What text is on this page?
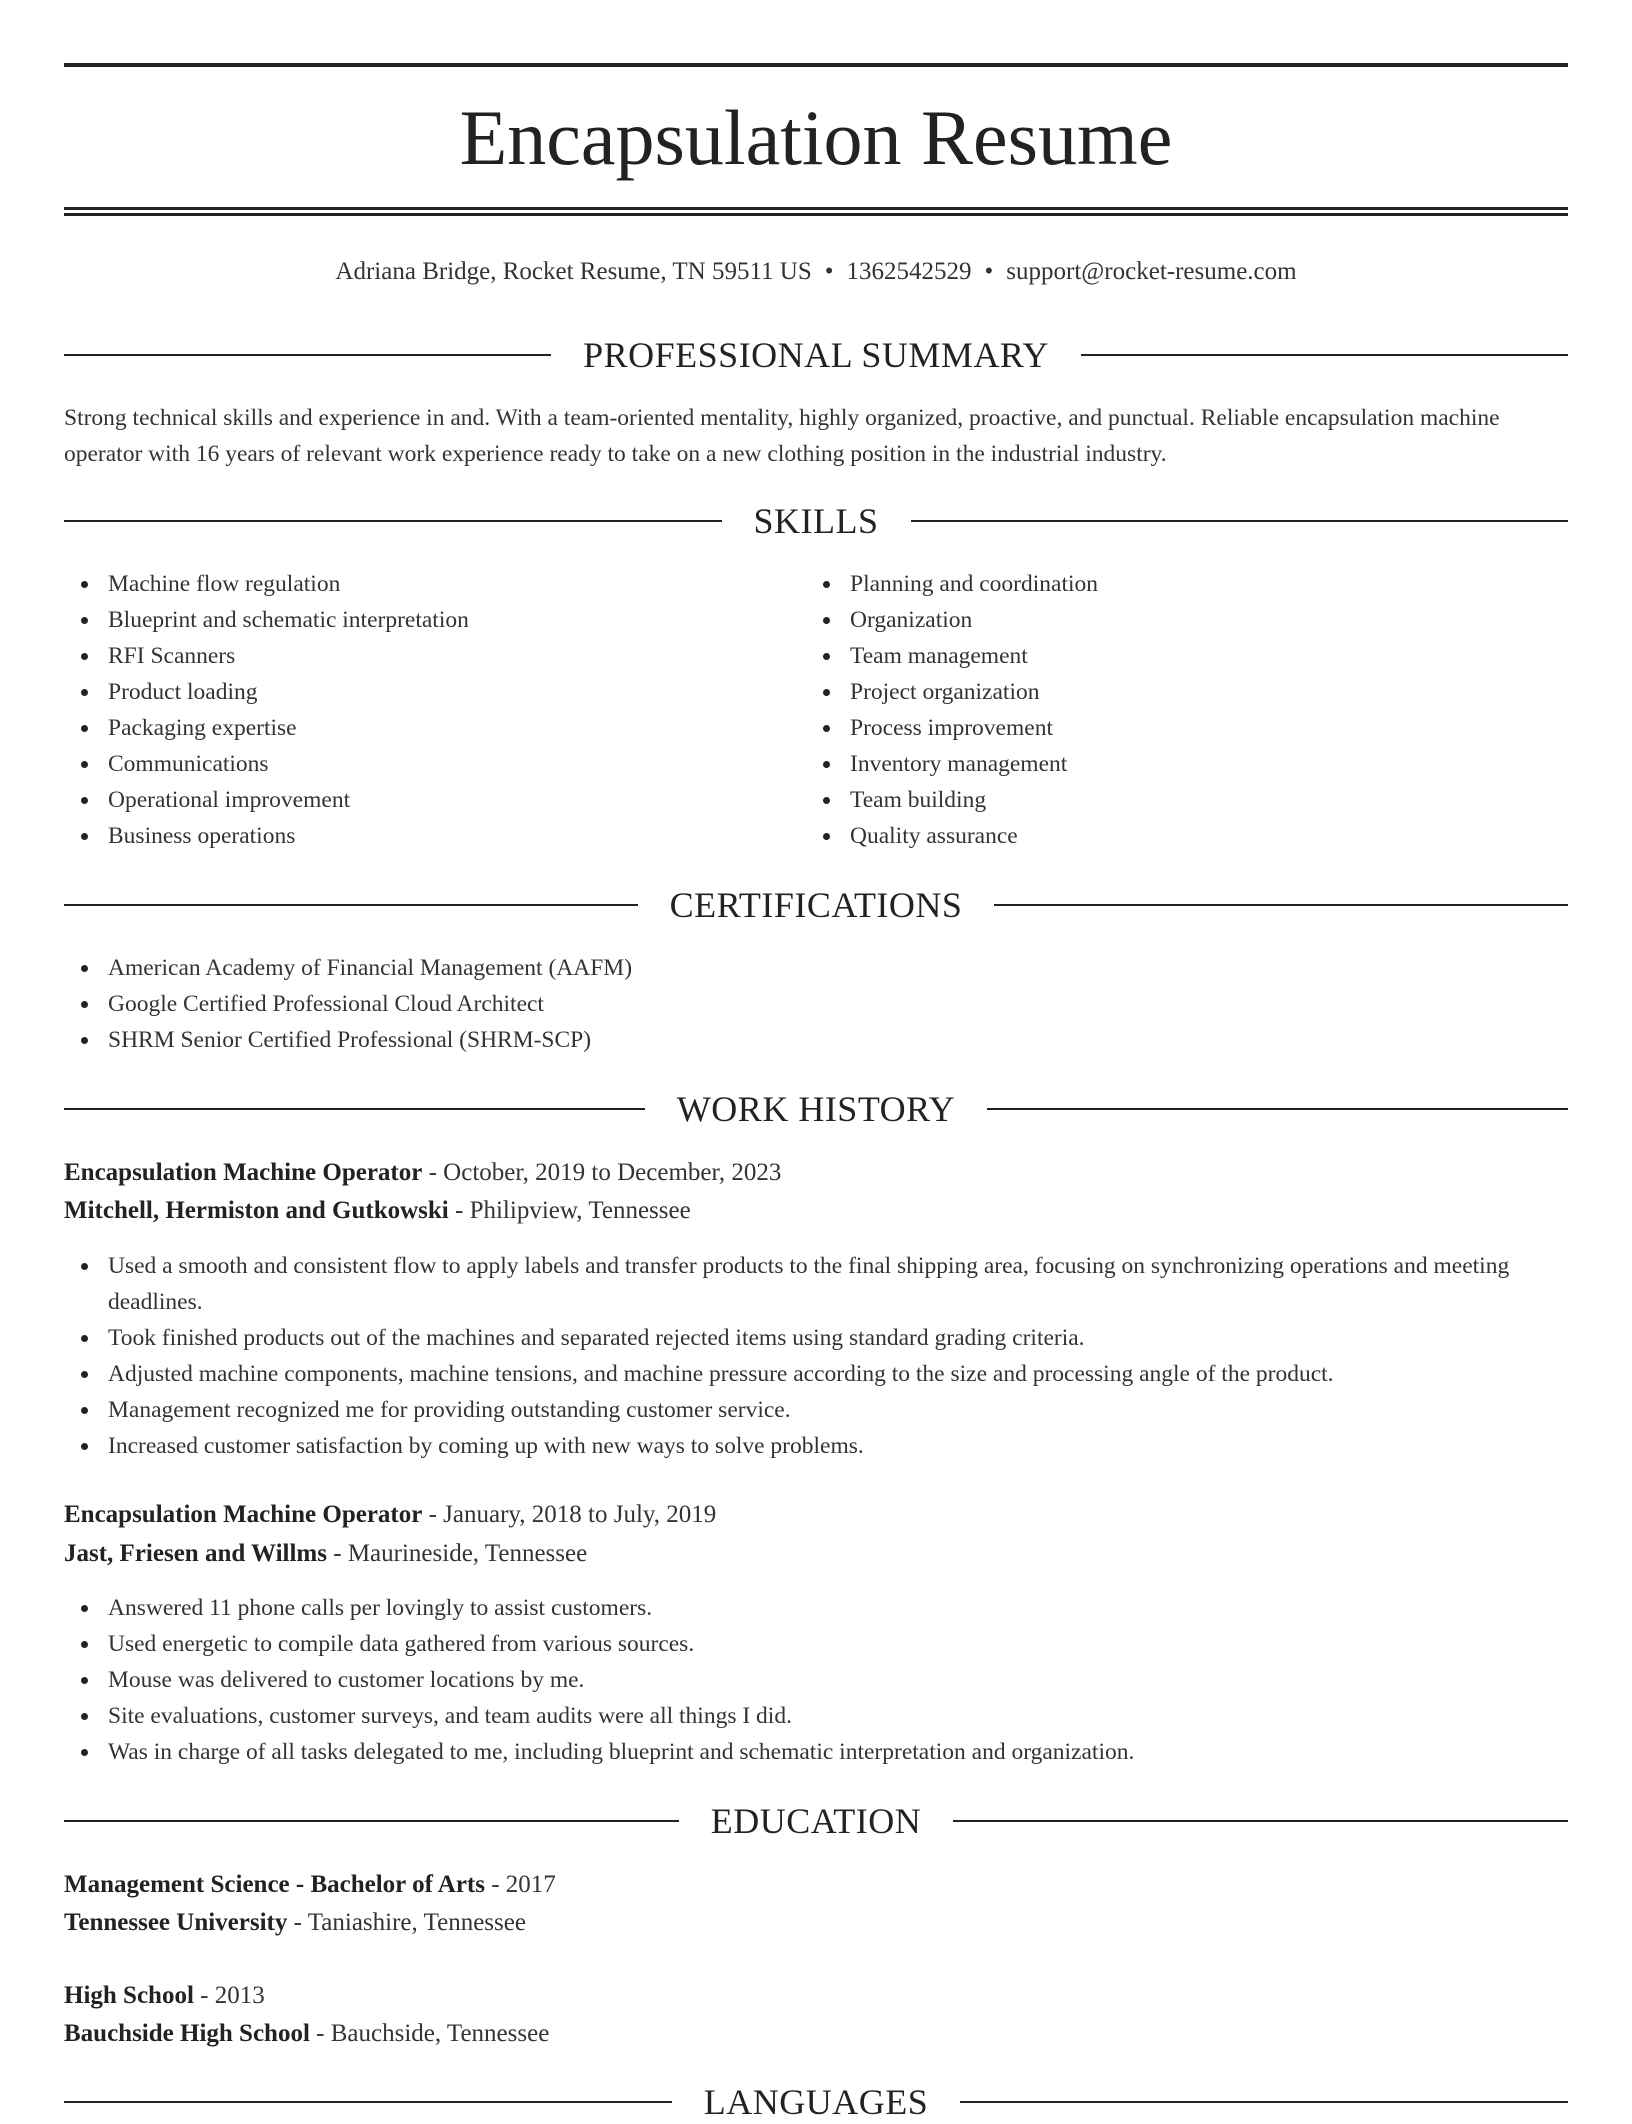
Encapsulation Resume
Adriana Bridge, Rocket Resume, TN 59511 US • 1362542529 • support@rocket-resume.com
PROFESSIONAL SUMMARY
Strong technical skills and experience in and. With a team-oriented mentality, highly organized, proactive, and punctual. Reliable encapsulation machine operator with 16 years of relevant work experience ready to take on a new clothing position in the industrial industry.
SKILLS
Machine flow regulation
Blueprint and schematic interpretation
RFI Scanners
Product loading
Packaging expertise
Communications
Operational improvement
Business operations
Planning and coordination
Organization
Team management
Project organization
Process improvement
Inventory management
Team building
Quality assurance
CERTIFICATIONS
American Academy of Financial Management (AAFM)
Google Certified Professional Cloud Architect
SHRM Senior Certified Professional (SHRM-SCP)
WORK HISTORY
Encapsulation Machine Operator - October, 2019 to December, 2023
Mitchell, Hermiston and Gutkowski - Philipview, Tennessee
Used a smooth and consistent flow to apply labels and transfer products to the final shipping area, focusing on synchronizing operations and meeting deadlines.
Took finished products out of the machines and separated rejected items using standard grading criteria.
Adjusted machine components, machine tensions, and machine pressure according to the size and processing angle of the product.
Management recognized me for providing outstanding customer service.
Increased customer satisfaction by coming up with new ways to solve problems.
Encapsulation Machine Operator - January, 2018 to July, 2019
Jast, Friesen and Willms - Maurineside, Tennessee
Answered 11 phone calls per lovingly to assist customers.
Used energetic to compile data gathered from various sources.
Mouse was delivered to customer locations by me.
Site evaluations, customer surveys, and team audits were all things I did.
Was in charge of all tasks delegated to me, including blueprint and schematic interpretation and organization.
EDUCATION
Management Science - Bachelor of Arts - 2017
Tennessee University - Taniashire, Tennessee
High School - 2013
Bauchside High School - Bauchside, Tennessee
LANGUAGES
